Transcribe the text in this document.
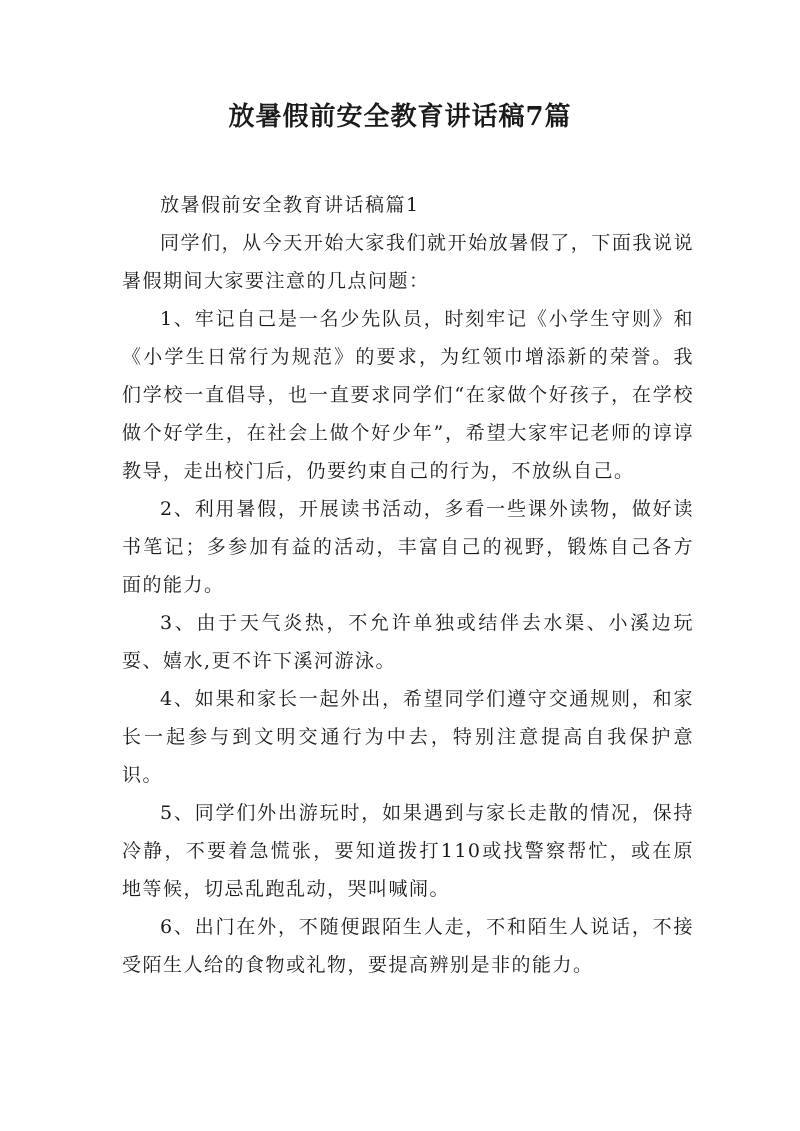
放暑假前安全教育讲话稿7篇

放暑假前安全教育讲话稿篇1

同学们，从今天开始大家我们就开始放暑假了，下面我说说暑假期间大家要注意的几点问题：

1、牢记自己是一名少先队员，时刻牢记《小学生守则》和《小学生日常行为规范》的要求，为红领巾增添新的荣誉。我们学校一直倡导，也一直要求同学们“在家做个好孩子，在学校做个好学生，在社会上做个好少年”，希望大家牢记老师的谆谆教导，走出校门后，仍要约束自己的行为，不放纵自己。

2、利用暑假，开展读书活动，多看一些课外读物，做好读书笔记；多参加有益的活动，丰富自己的视野，锻炼自己各方面的能力。

3、由于天气炎热，不允许单独或结伴去水渠、小溪边玩耍、嬉水,更不许下溪河游泳。

4、如果和家长一起外出，希望同学们遵守交通规则，和家长一起参与到文明交通行为中去，特别注意提高自我保护意识。

5、同学们外出游玩时，如果遇到与家长走散的情况，保持冷静，不要着急慌张，要知道拨打110或找警察帮忙，或在原地等候，切忌乱跑乱动，哭叫喊闹。

6、出门在外，不随便跟陌生人走，不和陌生人说话，不接受陌生人给的食物或礼物，要提高辨别是非的能力。
